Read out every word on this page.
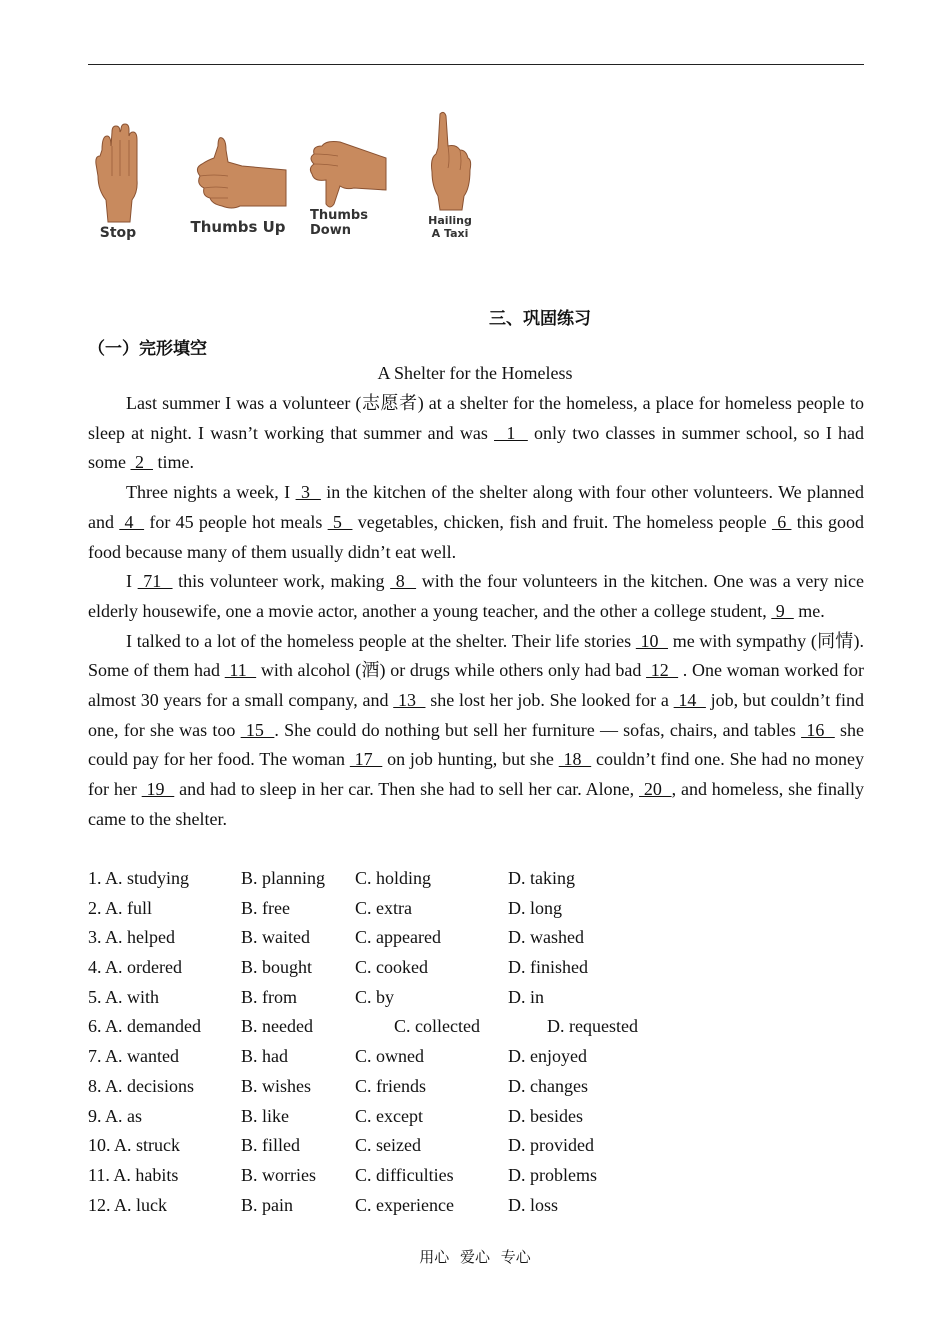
Stop	Thumbs Up
Thumbs
Down
Hailing
A Taxi
三、巩固练习
（一）完形填空
A Shelter for the Homeless

Last summer I was a volunteer (志愿者) at a shelter for the homeless, a place for homeless people to sleep at night. I wasn’t working that summer and was   1   only two classes in summer school, so I had some  2   time.

Three nights a week, I  3   in the kitchen of the shelter along with four other volunteers. We planned and  4   for 45 people hot meals  5   vegetables, chicken, fish and fruit. The homeless people  6  this good food because many of them usually didn’t eat well.

I  71   this volunteer work, making  8   with the four volunteers in the kitchen. One was a very nice elderly housewife, one a movie actor, another a young teacher, and the other a college student,  9   me.

I talked to a lot of the homeless people at the shelter. Their life stories  10   me with sympathy (同情). Some of them had  11   with alcohol (酒) or drugs while others only had bad  12   . One woman worked for almost 30 years for a small company, and  13   she lost her job. She looked for a  14   job, but couldn’t find one, for she was too  15  . She could do nothing but sell her furniture — sofas, chairs, and tables  16   she could pay for her food. The woman  17   on job hunting, but she  18   couldn’t find one. She had no money for her  19   and had to sleep in her car. Then she had to sell her car. Alone,  20  , and homeless, she finally came to the shelter.

1. A. studying	B. planning C. holding	D. taking
2. A. full	B. free	C. extra	D. long
3. A. helped	B. waited	C. appeared	D. washed
4. A. ordered	B. bought C. cooked	D. finished
5. A. with	B. from	C. by	D. in
6. A. demanded B. needed	C. collected	D. requested
7. A. wanted	B. had	C. owned	D. enjoyed
8. A. decisions	B. wishes C. friends	D. changes
9. A. as	B. like	C. except	D. besides
10. A. struck	B. filled	C. seized	D. provided
11. A. habits	B. worries C. difficulties	D. problems
12. A. luck	B. pain	C. experience	D. loss
用心 爱心 专心
